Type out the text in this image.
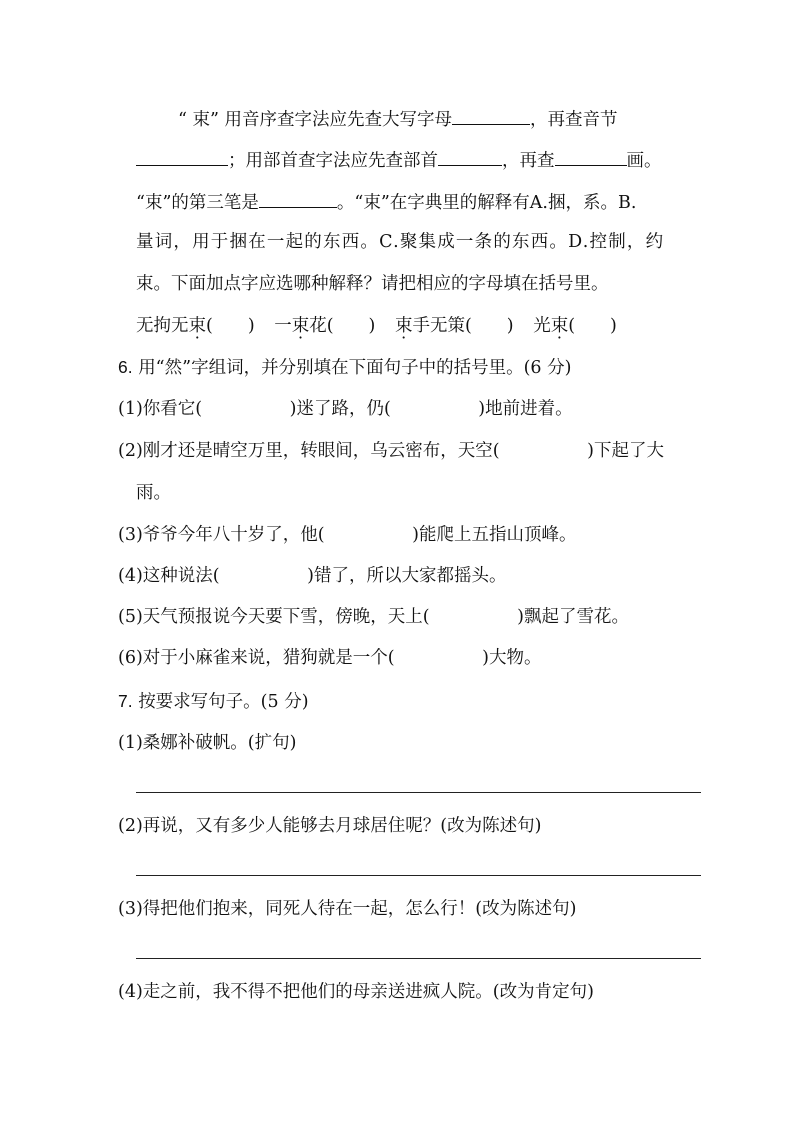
“ 束” 用音序查字法应先查大写字母	，再查音节
；用部首查字法应先查部首	，再查	画。
“束”的第三笔是	。“束”在字典里的解释有A.捆，系。B.
量词，用于捆在一起的东西。C.聚集成一条的东西。D.控制，约
束。下面加点字应选哪种解释？请把相应的字母填在括号里。
无拘无束(　　) 一束花(　　) 束手无策(　　) 光束(　　)
6. 用“然”字组词，并分别填在下面句子中的括号里。(6 分)
(1)你看它(　　　　　)迷了路，仍(　　　　　)地前进着。
(2)刚才还是晴空万里，转眼间，乌云密布，天空(　　　　　)下起了大
雨。
(3)爷爷今年八十岁了，他(　　　　　)能爬上五指山顶峰。
(4)这种说法(　　　　　)错了，所以大家都摇头。
(5)天气预报说今天要下雪，傍晚，天上(　　　　　)飘起了雪花。
(6)对于小麻雀来说，猎狗就是一个(　　　　　)大物。
7. 按要求写句子。(5 分)
(1)桑娜补破帆。(扩句)
(2)再说，又有多少人能够去月球居住呢？(改为陈述句)
(3)得把他们抱来，同死人待在一起，怎么行！(改为陈述句)
(4)走之前，我不得不把他们的母亲送进疯人院。(改为肯定句)
